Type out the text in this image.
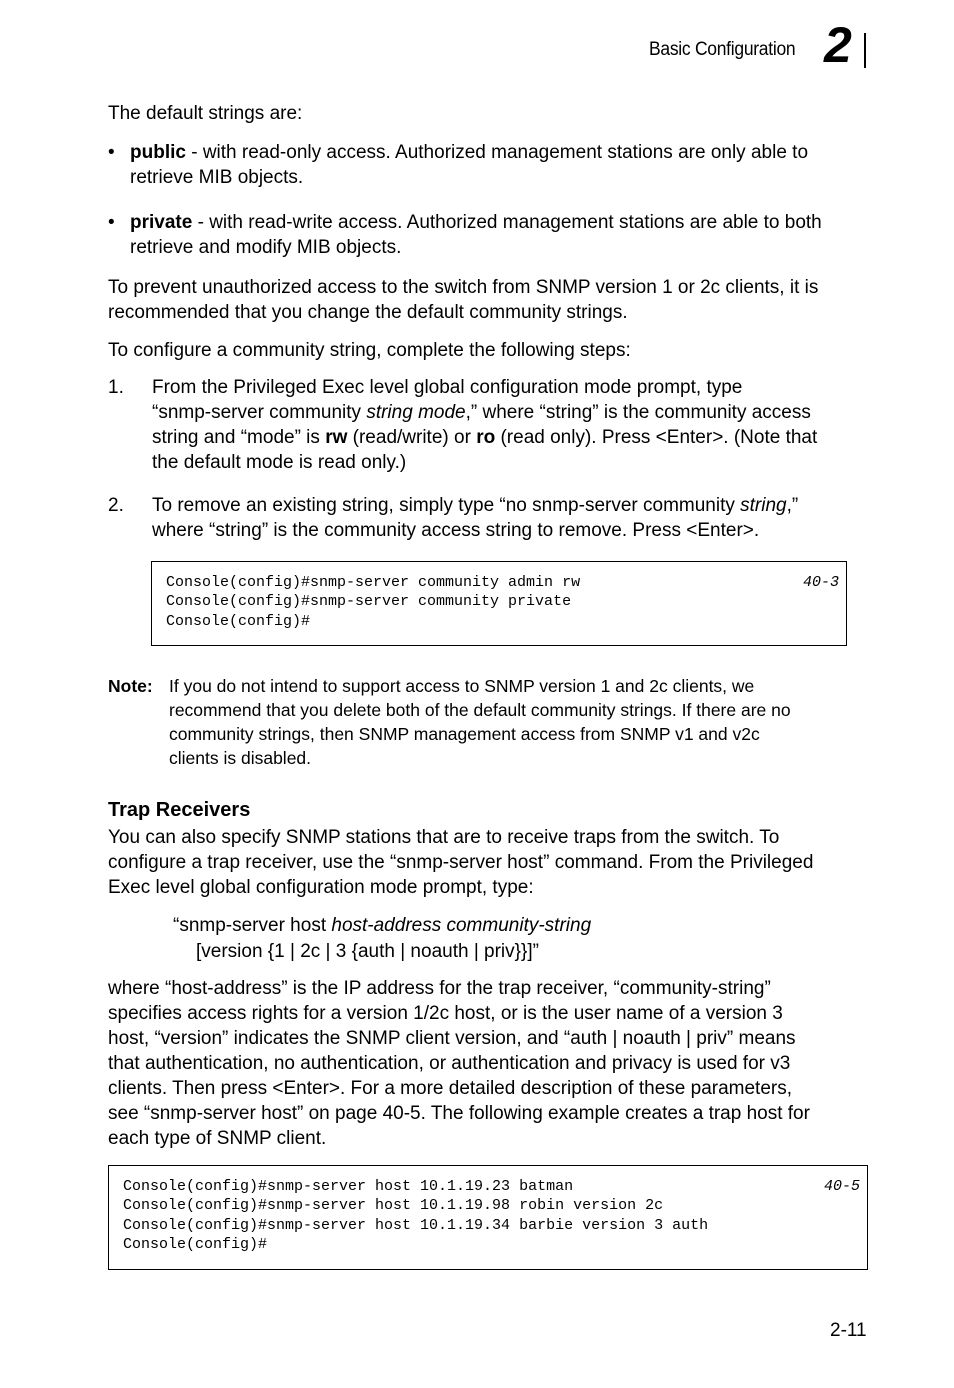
Basic Configuration 2

The default strings are:

• public - with read-only access. Authorized management stations are only able to

retrieve MIB objects.

• private - with read-write access. Authorized management stations are able to both

retrieve and modify MIB objects.

To prevent unauthorized access to the switch from SNMP version 1 or 2c clients, it is

recommended that you change the default community strings.

To configure a community string, complete the following steps:

1. From the Privileged Exec level global configuration mode prompt, type

“snmp-server community string mode,” where “string” is the community access

string and “mode” is rw (read/write) or ro (read only). Press <Enter>. (Note that

the default mode is read only.)

2. To remove an existing string, simply type “no snmp-server community string,”

where “string” is the community access string to remove. Press <Enter>.

Console(config)#snmp-server community admin rw

Console(config)#snmp-server community private

Console(config)#

40-3
Note: If you do not intend to support access to SNMP version 1 and 2c clients, we

recommend that you delete both of the default community strings. If there are no

community strings, then SNMP management access from SNMP v1 and v2c

clients is disabled.

Trap Receivers

You can also specify SNMP stations that are to receive traps from the switch. To

configure a trap receiver, use the “snmp-server host” command. From the Privileged

Exec level global configuration mode prompt, type:

“snmp-server host host-address community-string

[version {1 | 2c | 3 {auth | noauth | priv}}]”

where “host-address” is the IP address for the trap receiver, “community-string”

specifies access rights for a version 1/2c host, or is the user name of a version 3

host, “version” indicates the SNMP client version, and “auth | noauth | priv” means

that authentication, no authentication, or authentication and privacy is used for v3

clients. Then press <Enter>. For a more detailed description of these parameters,

see “snmp-server host” on page 40-5. The following example creates a trap host for

each type of SNMP client.

Console(config)#snmp-server host 10.1.19.23 batman

Console(config)#snmp-server host 10.1.19.98 robin version 2c

Console(config)#snmp-server host 10.1.19.34 barbie version 3 auth

Console(config)#

40-5
2-11
